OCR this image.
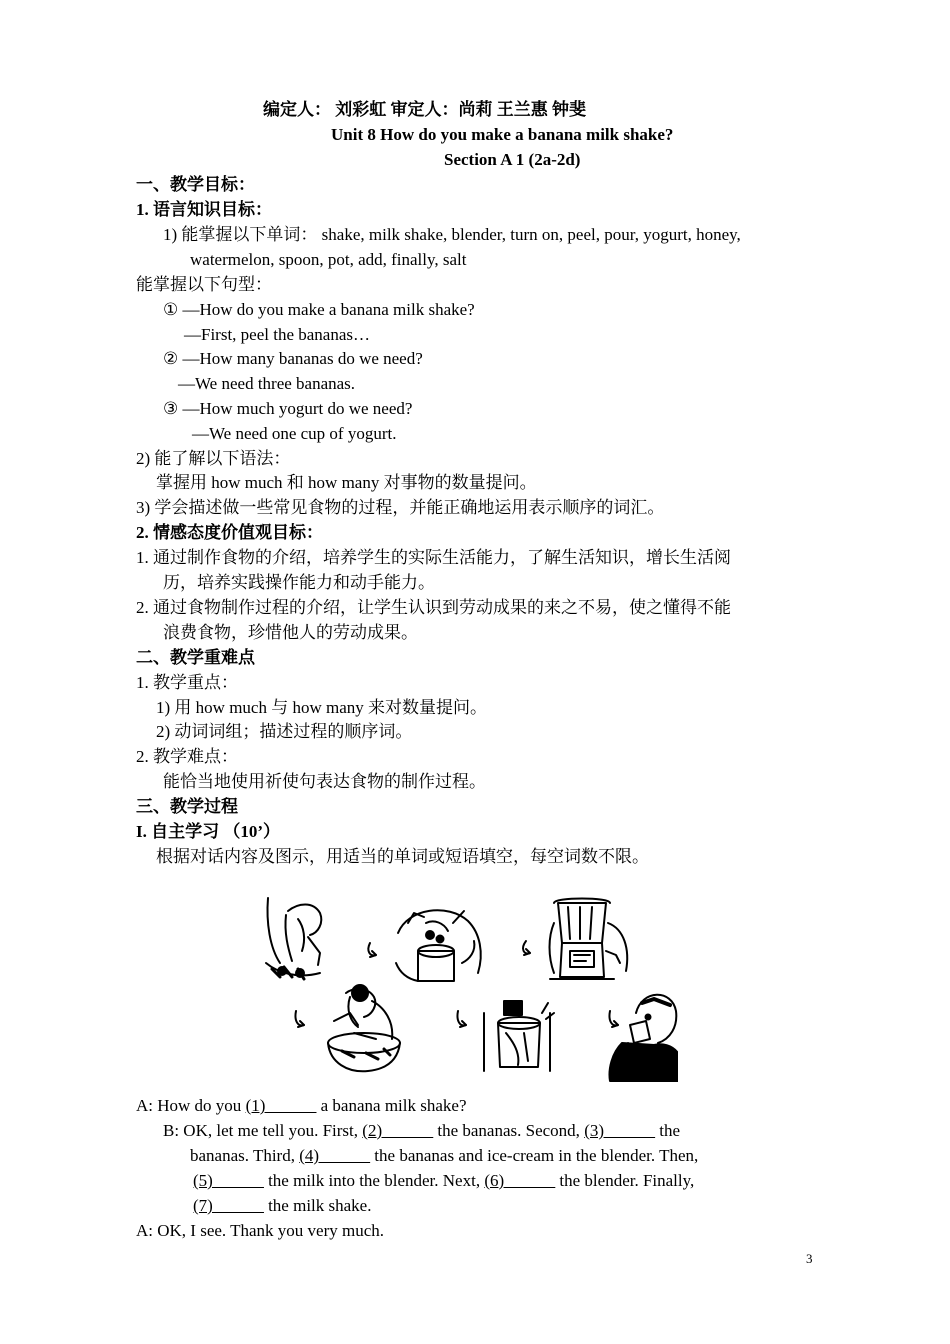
编定人： 刘彩虹 审定人：尚莉 王兰惠 钟斐
Unit 8 How do you make a banana milk shake?
Section A 1 (2a-2d)
一、教学目标：
1. 语言知识目标：
1) 能掌握以下单词： shake, milk shake, blender, turn on, peel, pour, yogurt, honey,
watermelon, spoon, pot, add, finally, salt
能掌握以下句型：
① —How do you make a banana milk shake?
—First, peel the bananas…
② —How many bananas do we need?
—We need three bananas.
③ —How much yogurt do we need?
—We need one cup of yogurt.
2) 能了解以下语法：
掌握用 how much 和 how many 对事物的数量提问。
3) 学会描述做一些常见食物的过程，并能正确地运用表示顺序的词汇。
2. 情感态度价值观目标：
1. 通过制作食物的介绍，培养学生的实际生活能力，了解生活知识，增长生活阅
历，培养实践操作能力和动手能力。
2. 通过食物制作过程的介绍，让学生认识到劳动成果的来之不易，使之懂得不能
浪费食物，珍惜他人的劳动成果。
二、教学重难点
1. 教学重点：
1) 用 how much 与 how many 来对数量提问。
2) 动词词组；描述过程的顺序词。
2. 教学难点：
能恰当地使用祈使句表达食物的制作过程。
三、教学过程
I. 自主学习 （10’）
根据对话内容及图示，用适当的单词或短语填空，每空词数不限。
A: How do you (1)______ a banana milk shake?
B: OK, let me tell you. First, (2)______ the bananas. Second, (3)______ the
bananas. Third, (4)______ the bananas and ice-cream in the blender. Then,
(5)______ the milk into the blender. Next, (6)______ the blender. Finally,
(7)______ the milk shake.
A: OK, I see. Thank you very much.
3
